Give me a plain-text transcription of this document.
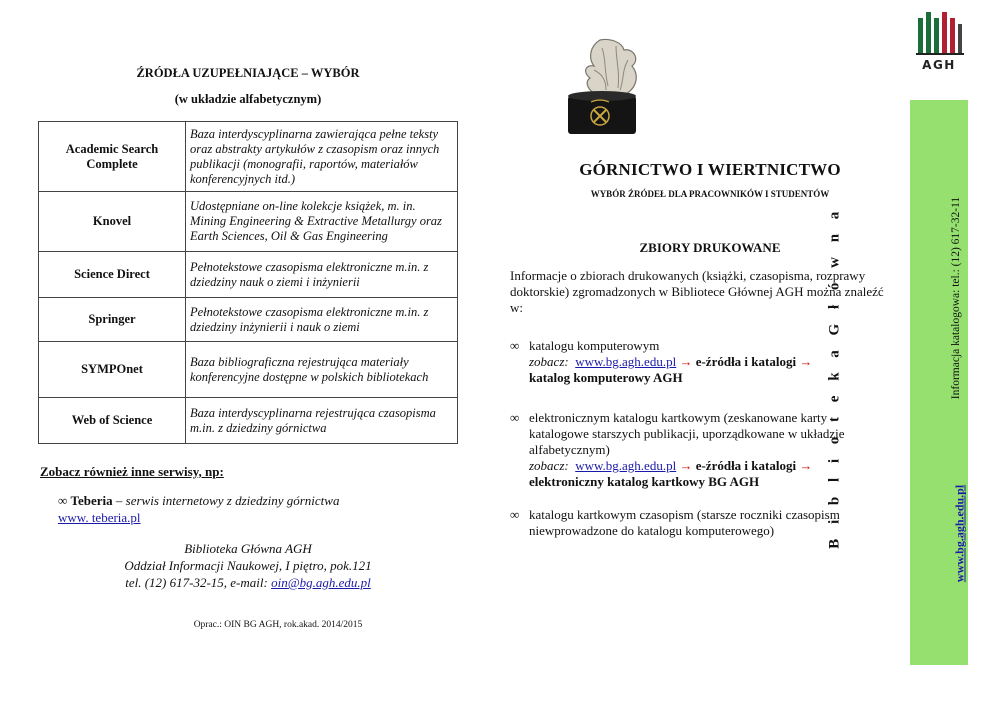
ŹRÓDŁA UZUPEŁNIAJĄCE – WYBÓR
(w układzie alfabetycznym)
Academic Search Complete	Baza interdyscyplinarna zawierająca pełne teksty oraz abstrakty artykułów z czasopism oraz innych publikacji (monografii, raportów, materiałów konferencyjnych itd.)
Knovel	Udostępniane on-line kolekcje książek, m. in. Mining Engineering & Extractive Metallurgy oraz Earth Sciences, Oil & Gas Engineering
Science Direct	Pełnotekstowe czasopisma elektroniczne m.in. z dziedziny nauk o ziemi i inżynierii
Springer	Pełnotekstowe czasopisma elektroniczne m.in. z dziedziny inżynierii i nauk o ziemi
SYMPOnet	Baza bibliograficzna rejestrująca materiały konferencyjne dostępne w polskich bibliotekach
Web of Science	Baza interdyscyplinarna rejestrująca czasopisma m.in. z dziedziny górnictwa
Zobacz również inne serwisy, np:
∞ Teberia – serwis internetowy z dziedziny górnictwa
www. teberia.pl
Biblioteka Główna AGH
Oddział Informacji Naukowej, I piętro, pok.121
tel. (12) 617-32-15, e-mail: oin@bg.agh.edu.pl
Oprac.: OIN BG AGH, rok.akad. 2014/2015
GÓRNICTWO I WIERTNICTWO
WYBÓR ŹRÓDEŁ DLA PRACOWNIKÓW I STUDENTÓW
ZBIORY DRUKOWANE
Informacje o zbiorach drukowanych (książki, czasopisma, rozprawy doktorskie) zgromadzonych w Bibliotece Głównej AGH można znaleźć w:
∞ katalogu komputerowym
zobacz: www.bg.agh.edu.pl → e-źródła i katalogi →
katalog komputerowy AGH
∞ elektronicznym katalogu kartkowym (zeskanowane karty katalogowe starszych publikacji, uporządkowane w układzie alfabetycznym)
zobacz: www.bg.agh.edu.pl → e-źródła i katalogi →
elektroniczny katalog kartkowy BG AGH
∞ katalogu kartkowym czasopism (starsze roczniki czasopism niewprowadzone do katalogu komputerowego)	B i b l i o t e k a G ł ó w n a	Informacja katalogowa: tel.: (12) 617-32-11
www.bg.agh.edu.pl
AGH
